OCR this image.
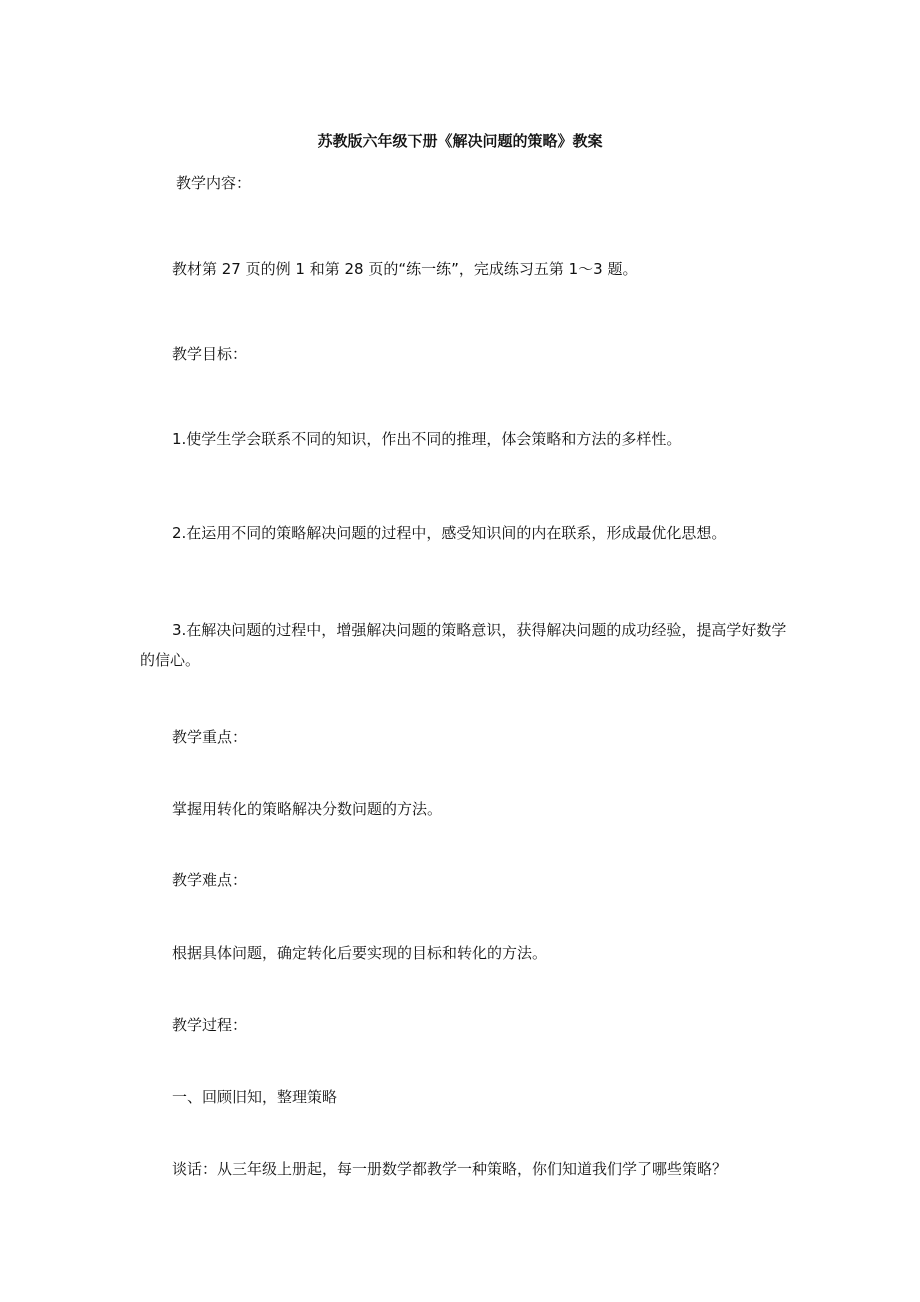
苏教版六年级下册《解决问题的策略》教案

教学内容：

教材第 27 页的例 1 和第 28 页的“练一练”，完成练习五第 1～3 题。

教学目标：

1.使学生学会联系不同的知识，作出不同的推理，体会策略和方法的多样性。

2.在运用不同的策略解决问题的过程中，感受知识间的内在联系，形成最优化思想。

3.在解决问题的过程中，增强解决问题的策略意识，获得解决问题的成功经验，提高学好数学的信心。

教学重点：

掌握用转化的策略解决分数问题的方法。

教学难点：

根据具体问题，确定转化后要实现的目标和转化的方法。

教学过程：

一、回顾旧知，整理策略

谈话：从三年级上册起，每一册数学都教学一种策略，你们知道我们学了哪些策略？
